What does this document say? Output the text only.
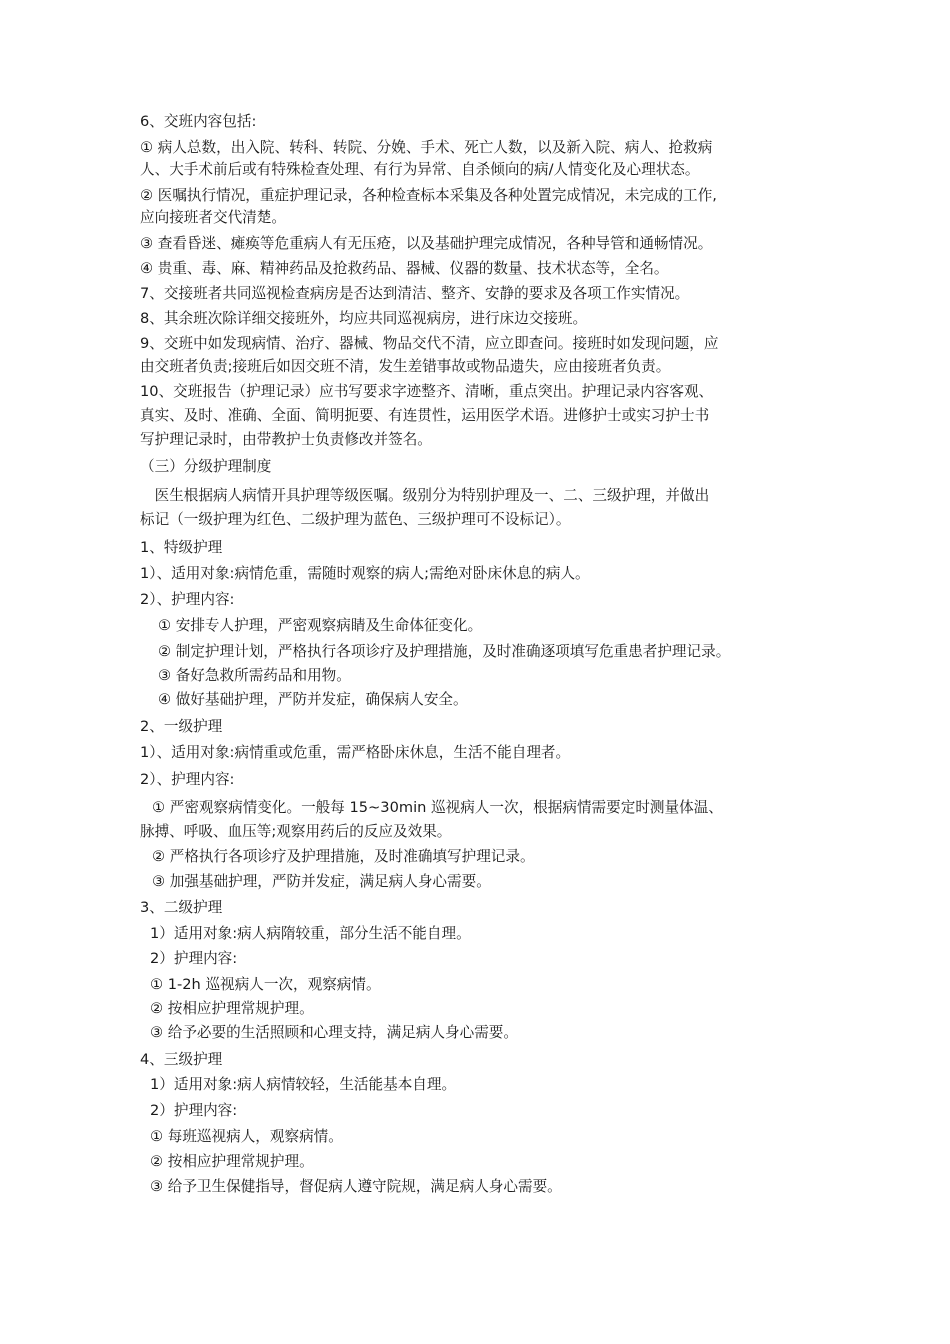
6、交班内容包括:
① 病人总数，出入院、转科、转院、分娩、手术、死亡人数，以及新入院、病人、抢救病
人、大手术前后或有特殊检查处理、有行为异常、自杀倾向的病/人情变化及心理状态。
② 医嘱执行情况，重症护理记录，各种检查标本采集及各种处置完成情况，未完成的工作,
应向接班者交代清楚。
③ 查看昏迷、瘫痪等危重病人有无压疮，以及基础护理完成情况，各种导管和通畅情况。
④ 贵重、毒、麻、精神药品及抢救药品、器械、仪器的数量、技术状态等，全名。
7、交接班者共同巡视检查病房是否达到清洁、整齐、安静的要求及各项工作实情况。
8、其余班次除详细交接班外，均应共同巡视病房，进行床边交接班。
9、交班中如发现病情、治疗、器械、物品交代不清，应立即查问。接班时如发现问题，应
由交班者负责;接班后如因交班不清，发生差错事故或物品遗失，应由接班者负责。
10、交班报告（护理记录）应书写要求字迹整齐、清晰，重点突出。护理记录内容客观、
真实、及时、准确、全面、简明扼要、有连贯性，运用医学术语。进修护士或实习护士书
写护理记录时，由带教护士负责修改并签名。
（三）分级护理制度
　医生根据病人病情开具护理等级医嘱。级别分为特别护理及一、二、三级护理，并做出
标记（一级护理为红色、二级护理为蓝色、三级护理可不设标记）。
1、特级护理
1）、适用对象:病情危重，需随时观察的病人;需绝对卧床休息的病人。
2）、护理内容:
① 安排专人护理，严密观察病睛及生命体征变化。
② 制定护理计划，严格执行各项诊疗及护理措施，及时准确逐项填写危重患者护理记录。
③ 备好急救所需药品和用物。
④ 做好基础护理，严防并发症，确保病人安全。
2、一级护理
1）、适用对象:病情重或危重，需严格卧床休息，生活不能自理者。
2）、护理内容:
① 严密观察病情变化。一般每 15~30min 巡视病人一次，根据病情需要定时测量体温、
脉搏、呼吸、血压等;观察用药后的反应及效果。
② 严格执行各项诊疗及护理措施，及时准确填写护理记录。
③ 加强基础护理，严防并发症，满足病人身心需要。
3、二级护理
1）适用对象:病人病隋较重，部分生活不能自理。
2）护理内容:
① 1-2h 巡视病人一次，观察病情。
② 按相应护理常规护理。
③ 给予必要的生活照顾和心理支持，满足病人身心需要。
4、三级护理
1）适用对象:病人病情较轻，生活能基本自理。
2）护理内容:
① 每班巡视病人，观察病情。
② 按相应护理常规护理。
③ 给予卫生保健指导，督促病人遵守院规，满足病人身心需要。
